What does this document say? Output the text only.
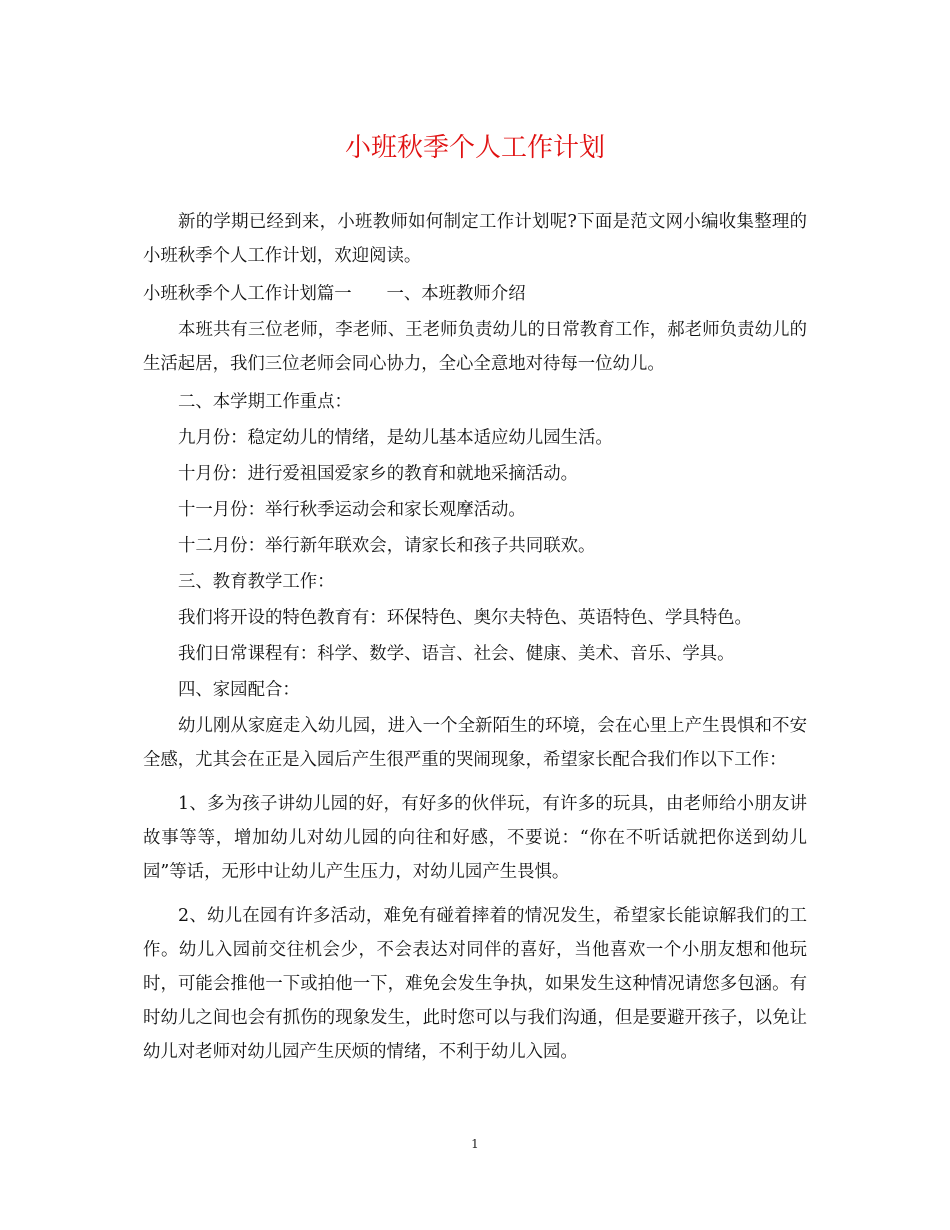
小班秋季个人工作计划

新的学期已经到来，小班教师如何制定工作计划呢?下面是范文网小编收集整理的小班秋季个人工作计划，欢迎阅读。

小班秋季个人工作计划篇一　　一、本班教师介绍

本班共有三位老师，李老师、王老师负责幼儿的日常教育工作，郝老师负责幼儿的生活起居，我们三位老师会同心协力，全心全意地对待每一位幼儿。

二、本学期工作重点：

九月份：稳定幼儿的情绪，是幼儿基本适应幼儿园生活。

十月份：进行爱祖国爱家乡的教育和就地采摘活动。

十一月份：举行秋季运动会和家长观摩活动。

十二月份：举行新年联欢会，请家长和孩子共同联欢。

三、教育教学工作：

我们将开设的特色教育有：环保特色、奥尔夫特色、英语特色、学具特色。

我们日常课程有：科学、数学、语言、社会、健康、美术、音乐、学具。

四、家园配合：

幼儿刚从家庭走入幼儿园，进入一个全新陌生的环境，会在心里上产生畏惧和不安全感，尤其会在正是入园后产生很严重的哭闹现象，希望家长配合我们作以下工作：

1、多为孩子讲幼儿园的好，有好多的伙伴玩，有许多的玩具，由老师给小朋友讲故事等等，增加幼儿对幼儿园的向往和好感，不要说：“你在不听话就把你送到幼儿园”等话，无形中让幼儿产生压力，对幼儿园产生畏惧。

2、幼儿在园有许多活动，难免有碰着摔着的情况发生，希望家长能谅解我们的工作。幼儿入园前交往机会少，不会表达对同伴的喜好，当他喜欢一个小朋友想和他玩时，可能会推他一下或拍他一下，难免会发生争执，如果发生这种情况请您多包涵。有时幼儿之间也会有抓伤的现象发生，此时您可以与我们沟通，但是要避开孩子，以免让幼儿对老师对幼儿园产生厌烦的情绪，不利于幼儿入园。

1
